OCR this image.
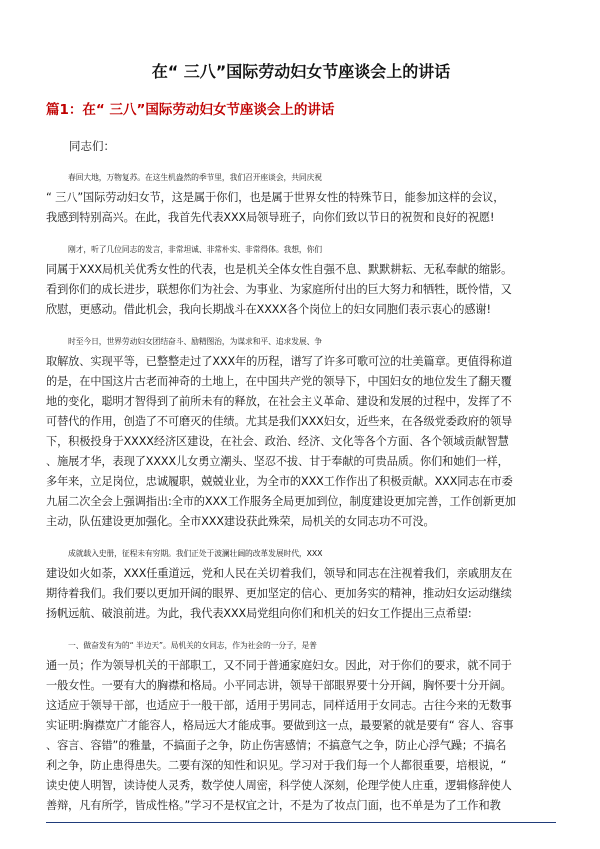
在“ 三八”国际劳动妇女节座谈会上的讲话
篇1：在“ 三八”国际劳动妇女节座谈会上的讲话

同志们：

春回大地，万物复苏。在这生机盎然的季节里，我们召开座谈会，共同庆祝
“ 三八”国际劳动妇女节，这是属于你们，也是属于世界女性的特殊节日，能参加这样的会议，
我感到特别高兴。在此，我首先代表XXX局领导班子，向你们致以节日的祝贺和良好的祝愿!

刚才，听了几位同志的发言，非常坦诚、非常朴实、非常得体。我想，你们
同属于XXX局机关优秀女性的代表，也是机关全体女性自强不息、默默耕耘、无私奉献的缩影。
看到你们的成长进步，联想你们为社会、为事业、为家庭所付出的巨大努力和牺牲，既怜惜，又
欣慰，更感动。借此机会，我向长期战斗在XXXX各个岗位上的妇女同胞们表示衷心的感谢!

时至今日，世界劳动妇女团结奋斗、励精图治，为谋求和平、追求发展、争
取解放、实现平等，已整整走过了XXX年的历程，谱写了许多可歌可泣的壮美篇章。更值得称道
的是，在中国这片古老而神奇的土地上，在中国共产党的领导下，中国妇女的地位发生了翻天覆
地的变化，聪明才智得到了前所未有的释放，在社会主义革命、建设和发展的过程中，发挥了不
可替代的作用，创造了不可磨灭的佳绩。尤其是我们XXX妇女，近些来，在各级党委政府的领导
下，积极投身于XXXX经济区建设，在社会、政治、经济、文化等各个方面、各个领域贡献智慧
、施展才华，表现了XXXX儿女勇立潮头、坚忍不拔、甘于奉献的可贵品质。你们和她们一样，
多年来，立足岗位，忠诚履职，兢兢业业，为全市的XXX工作作出了积极贡献。XXX同志在市委
九届二次全会上强调指出:全市的XXX工作服务全局更加到位，制度建设更加完善，工作创新更加
主动，队伍建设更加强化。全市XXX建设获此殊荣，局机关的女同志功不可没。

成就载入史册，征程未有穷期。我们正处于波澜壮阔的改革发展时代，XXX
建设如火如荼，XXX任重道远，党和人民在关切着我们，领导和同志在注视着我们，亲戚朋友在
期待着我们。我们要以更加开阔的眼界、更加坚定的信心、更加务实的精神，推动妇女运动继续
扬帆远航、破浪前进。为此，我代表XXX局党组向你们和机关的妇女工作提出三点希望:

一、做奋发有为的“ 半边天”。局机关的女同志，作为社会的一分子，是普
通一员；作为领导机关的干部职工，又不同于普通家庭妇女。因此，对于你们的要求，就不同于
一般女性。一要有大的胸襟和格局。小平同志讲，领导干部眼界要十分开阔，胸怀要十分开阔。
这适应于领导干部，也适应于一般干部，适用于男同志，同样适用于女同志。古往今来的无数事
实证明:胸襟宽广才能容人，格局远大才能成事。要做到这一点，最要紧的就是要有“ 容人、容事
、容言、容错”的雅量，不搞面子之争，防止伤害感情；不搞意气之争，防止心浮气躁；不搞名
利之争，防止患得患失。二要有深的知性和识见。学习对于我们每一个人都很重要，培根说，“
读史使人明智，读诗使人灵秀，数学使人周密，科学使人深刻，伦理学使人庄重，逻辑修辞使人
善辩，凡有所学，皆成性格。”学习不是权宜之计，不是为了妆点门面，也不单是为了工作和教
